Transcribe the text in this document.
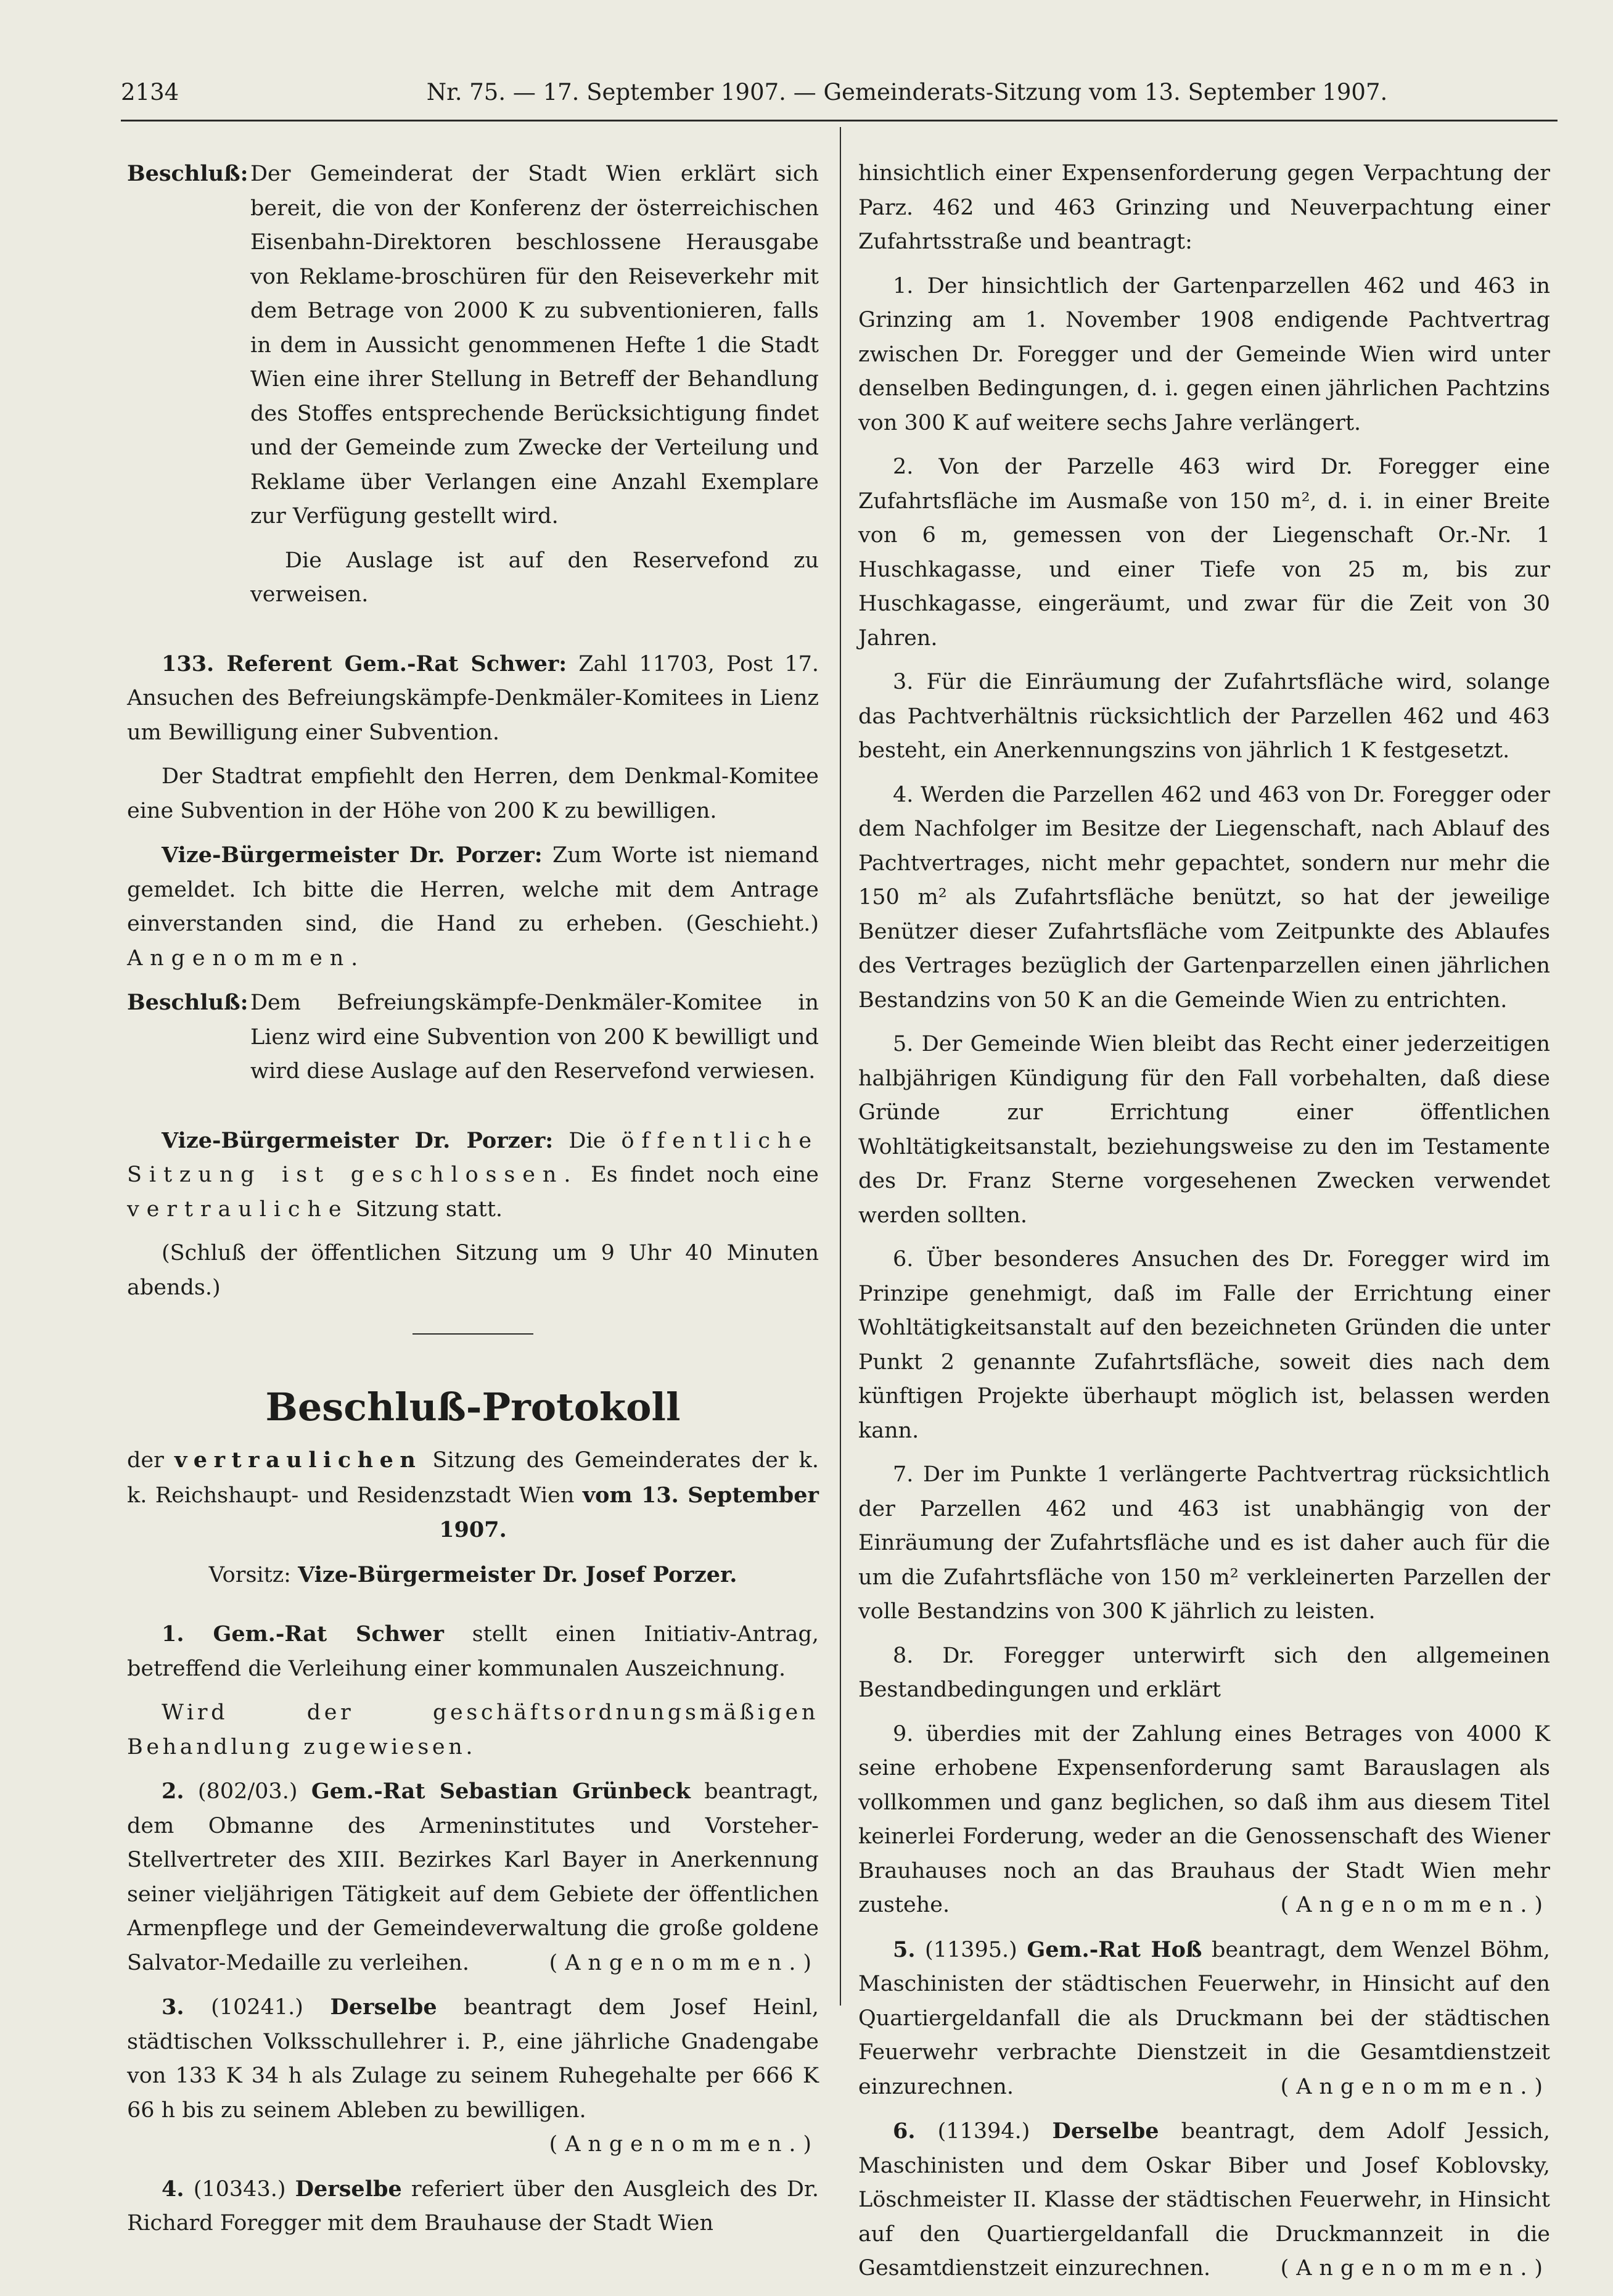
2134	Nr. 75. — 17. September 1907. — Gemeinderats-Sitzung vom 13. September 1907.

Beschluß:Der Gemeinderat der Stadt Wien erklärt sich bereit, die von der Konferenz der österreichischen Eisenbahn-Direktoren beschlossene Herausgabe von Reklame-broschüren für den Reiseverkehr mit dem Betrage von 2000 K zu subventionieren, falls in dem in Aussicht genommenen Hefte 1 die Stadt Wien eine ihrer Stellung in Betreff der Behandlung des Stoffes entsprechende Berücksichtigung findet und der Gemeinde zum Zwecke der Verteilung und Reklame über Verlangen eine Anzahl Exemplare zur Verfügung gestellt wird.

Die Auslage ist auf den Reservefond zu verweisen.

133. Referent Gem.-Rat Schwer: Zahl 11703, Post 17. Ansuchen des Befreiungskämpfe-Denkmäler-Komitees in Lienz um Bewilligung einer Subvention.

Der Stadtrat empfiehlt den Herren, dem Denkmal-Komitee eine Subvention in der Höhe von 200 K zu bewilligen.

Vize-Bürgermeister Dr. Porzer: Zum Worte ist niemand gemeldet. Ich bitte die Herren, welche mit dem Antrage einverstanden sind, die Hand zu erheben. (Geschieht.) Angenommen.

Beschluß:Dem Befreiungskämpfe-Denkmäler-Komitee in Lienz wird eine Subvention von 200 K bewilligt und wird diese Auslage auf den Reservefond verwiesen.

Vize-Bürgermeister Dr. Porzer: Die öffentliche Sitzung ist geschlossen. Es findet noch eine vertrauliche Sitzung statt.

(Schluß der öffentlichen Sitzung um 9 Uhr 40 Minuten abends.)

Beschluß-Protokoll

der vertraulichen Sitzung des Gemeinderates der k. k. Reichshaupt- und Residenzstadt Wien vom 13. September 1907.

Vorsitz: Vize-Bürgermeister Dr. Josef Porzer.

1. Gem.-Rat Schwer stellt einen Initiativ-Antrag, betreffend die Verleihung einer kommunalen Auszeichnung.

Wird der geschäftsordnungsmäßigen Behandlung zugewiesen.

2. (802/03.) Gem.-Rat Sebastian Grünbeck beantragt, dem Obmanne des Armeninstitutes und Vorsteher-Stellvertreter des XIII. Bezirkes Karl Bayer in Anerkennung seiner vieljährigen Tätigkeit auf dem Gebiete der öffentlichen Armenpflege und der Gemeindeverwaltung die große goldene Salvator-Medaille zu verleihen.	(Angenommen.)

3. (10241.) Derselbe beantragt dem Josef Heinl, städtischen Volksschullehrer i. P., eine jährliche Gnadengabe von 133 K 34 h als Zulage zu seinem Ruhegehalte per 666 K 66 h bis zu seinem Ableben zu bewilligen.
(Angenommen.)

4. (10343.) Derselbe referiert über den Ausgleich des Dr. Richard Foregger mit dem Brauhause der Stadt Wien

hinsichtlich einer Expensenforderung gegen Verpachtung der Parz. 462 und 463 Grinzing und Neuverpachtung einer Zufahrtsstraße und beantragt:

1. Der hinsichtlich der Gartenparzellen 462 und 463 in Grinzing am 1. November 1908 endigende Pachtvertrag zwischen Dr. Foregger und der Gemeinde Wien wird unter denselben Bedingungen, d. i. gegen einen jährlichen Pachtzins von 300 K auf weitere sechs Jahre verlängert.

2. Von der Parzelle 463 wird Dr. Foregger eine Zufahrtsfläche im Ausmaße von 150 m², d. i. in einer Breite von 6 m, gemessen von der Liegenschaft Or.-Nr. 1 Huschkagasse, und einer Tiefe von 25 m, bis zur Huschkagasse, eingeräumt, und zwar für die Zeit von 30 Jahren.

3. Für die Einräumung der Zufahrtsfläche wird, solange das Pachtverhältnis rücksichtlich der Parzellen 462 und 463 besteht, ein Anerkennungszins von jährlich 1 K festgesetzt.

4. Werden die Parzellen 462 und 463 von Dr. Foregger oder dem Nachfolger im Besitze der Liegenschaft, nach Ablauf des Pachtvertrages, nicht mehr gepachtet, sondern nur mehr die 150 m² als Zufahrtsfläche benützt, so hat der jeweilige Benützer dieser Zufahrtsfläche vom Zeitpunkte des Ablaufes des Vertrages bezüglich der Gartenparzellen einen jährlichen Bestandzins von 50 K an die Gemeinde Wien zu entrichten.

5. Der Gemeinde Wien bleibt das Recht einer jederzeitigen halbjährigen Kündigung für den Fall vorbehalten, daß diese Gründe zur Errichtung einer öffentlichen Wohltätigkeitsanstalt, beziehungsweise zu den im Testamente des Dr. Franz Sterne vorgesehenen Zwecken verwendet werden sollten.

6. Über besonderes Ansuchen des Dr. Foregger wird im Prinzipe genehmigt, daß im Falle der Errichtung einer Wohltätigkeitsanstalt auf den bezeichneten Gründen die unter Punkt 2 genannte Zufahrtsfläche, soweit dies nach dem künftigen Projekte überhaupt möglich ist, belassen werden kann.

7. Der im Punkte 1 verlängerte Pachtvertrag rücksichtlich der Parzellen 462 und 463 ist unabhängig von der Einräumung der Zufahrtsfläche und es ist daher auch für die um die Zufahrtsfläche von 150 m² verkleinerten Parzellen der volle Bestandzins von 300 K jährlich zu leisten.

8. Dr. Foregger unterwirft sich den allgemeinen Bestandbedingungen und erklärt

9. überdies mit der Zahlung eines Betrages von 4000 K seine erhobene Expensenforderung samt Barauslagen als vollkommen und ganz beglichen, so daß ihm aus diesem Titel keinerlei Forderung, weder an die Genossenschaft des Wiener Brauhauses noch an das Brauhaus der Stadt Wien mehr zustehe.	(Angenommen.)

5. (11395.) Gem.-Rat Hoß beantragt, dem Wenzel Böhm, Maschinisten der städtischen Feuerwehr, in Hinsicht auf den Quartiergeldanfall die als Druckmann bei der städtischen Feuerwehr verbrachte Dienstzeit in die Gesamtdienstzeit einzurechnen.	(Angenommen.)

6. (11394.) Derselbe beantragt, dem Adolf Jessich, Maschinisten und dem Oskar Biber und Josef Koblovsky, Löschmeister II. Klasse der städtischen Feuerwehr, in Hinsicht auf den Quartiergeldanfall die Druckmannzeit in die Gesamtdienstzeit einzurechnen.	(Angenommen.)
